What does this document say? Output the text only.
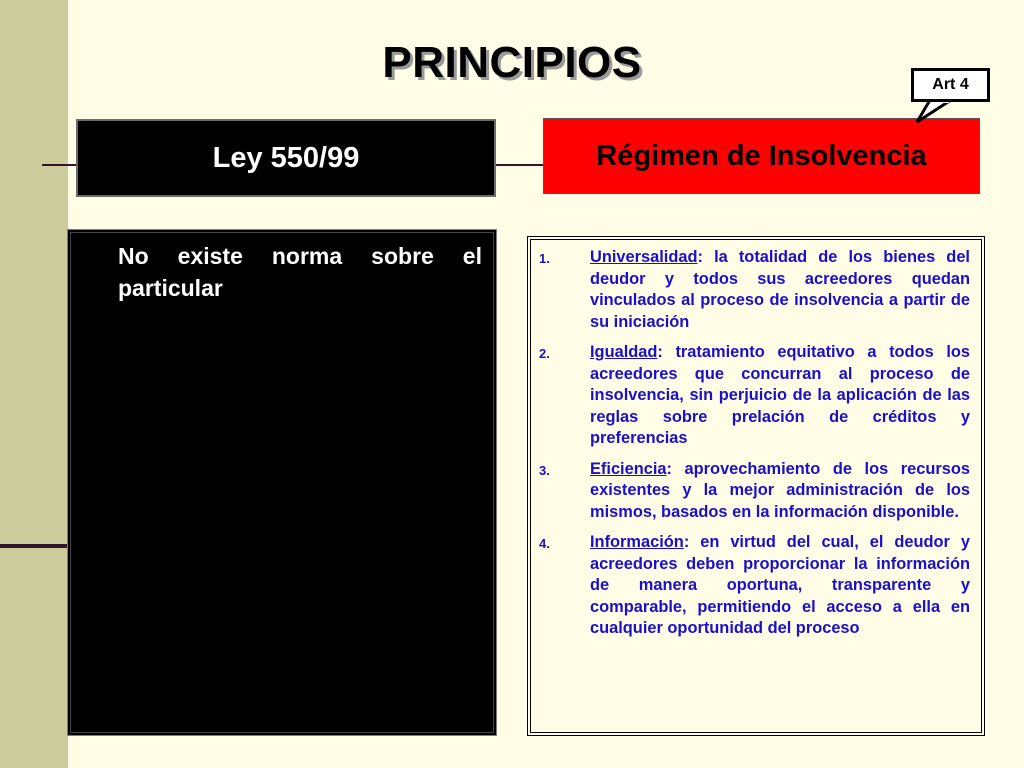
PRINCIPIOS
Ley 550/99	Régimen de Insolvencia
Art 4
No existe norma sobre el particular
1. Universalidad: la totalidad de los bienes del deudor y todos sus acreedores quedan vinculados al proceso de insolvencia a partir de su iniciación
2. Igualdad: tratamiento equitativo a todos los acreedores que concurran al proceso de insolvencia, sin perjuicio de la aplicación de las reglas sobre prelación de créditos y preferencias
3. Eficiencia: aprovechamiento de los recursos existentes y la mejor administración de los mismos, basados en la información disponible.
4. Información: en virtud del cual, el deudor y acreedores deben proporcionar la información de manera oportuna, transparente y comparable, permitiendo el acceso a ella en cualquier oportunidad del proceso
